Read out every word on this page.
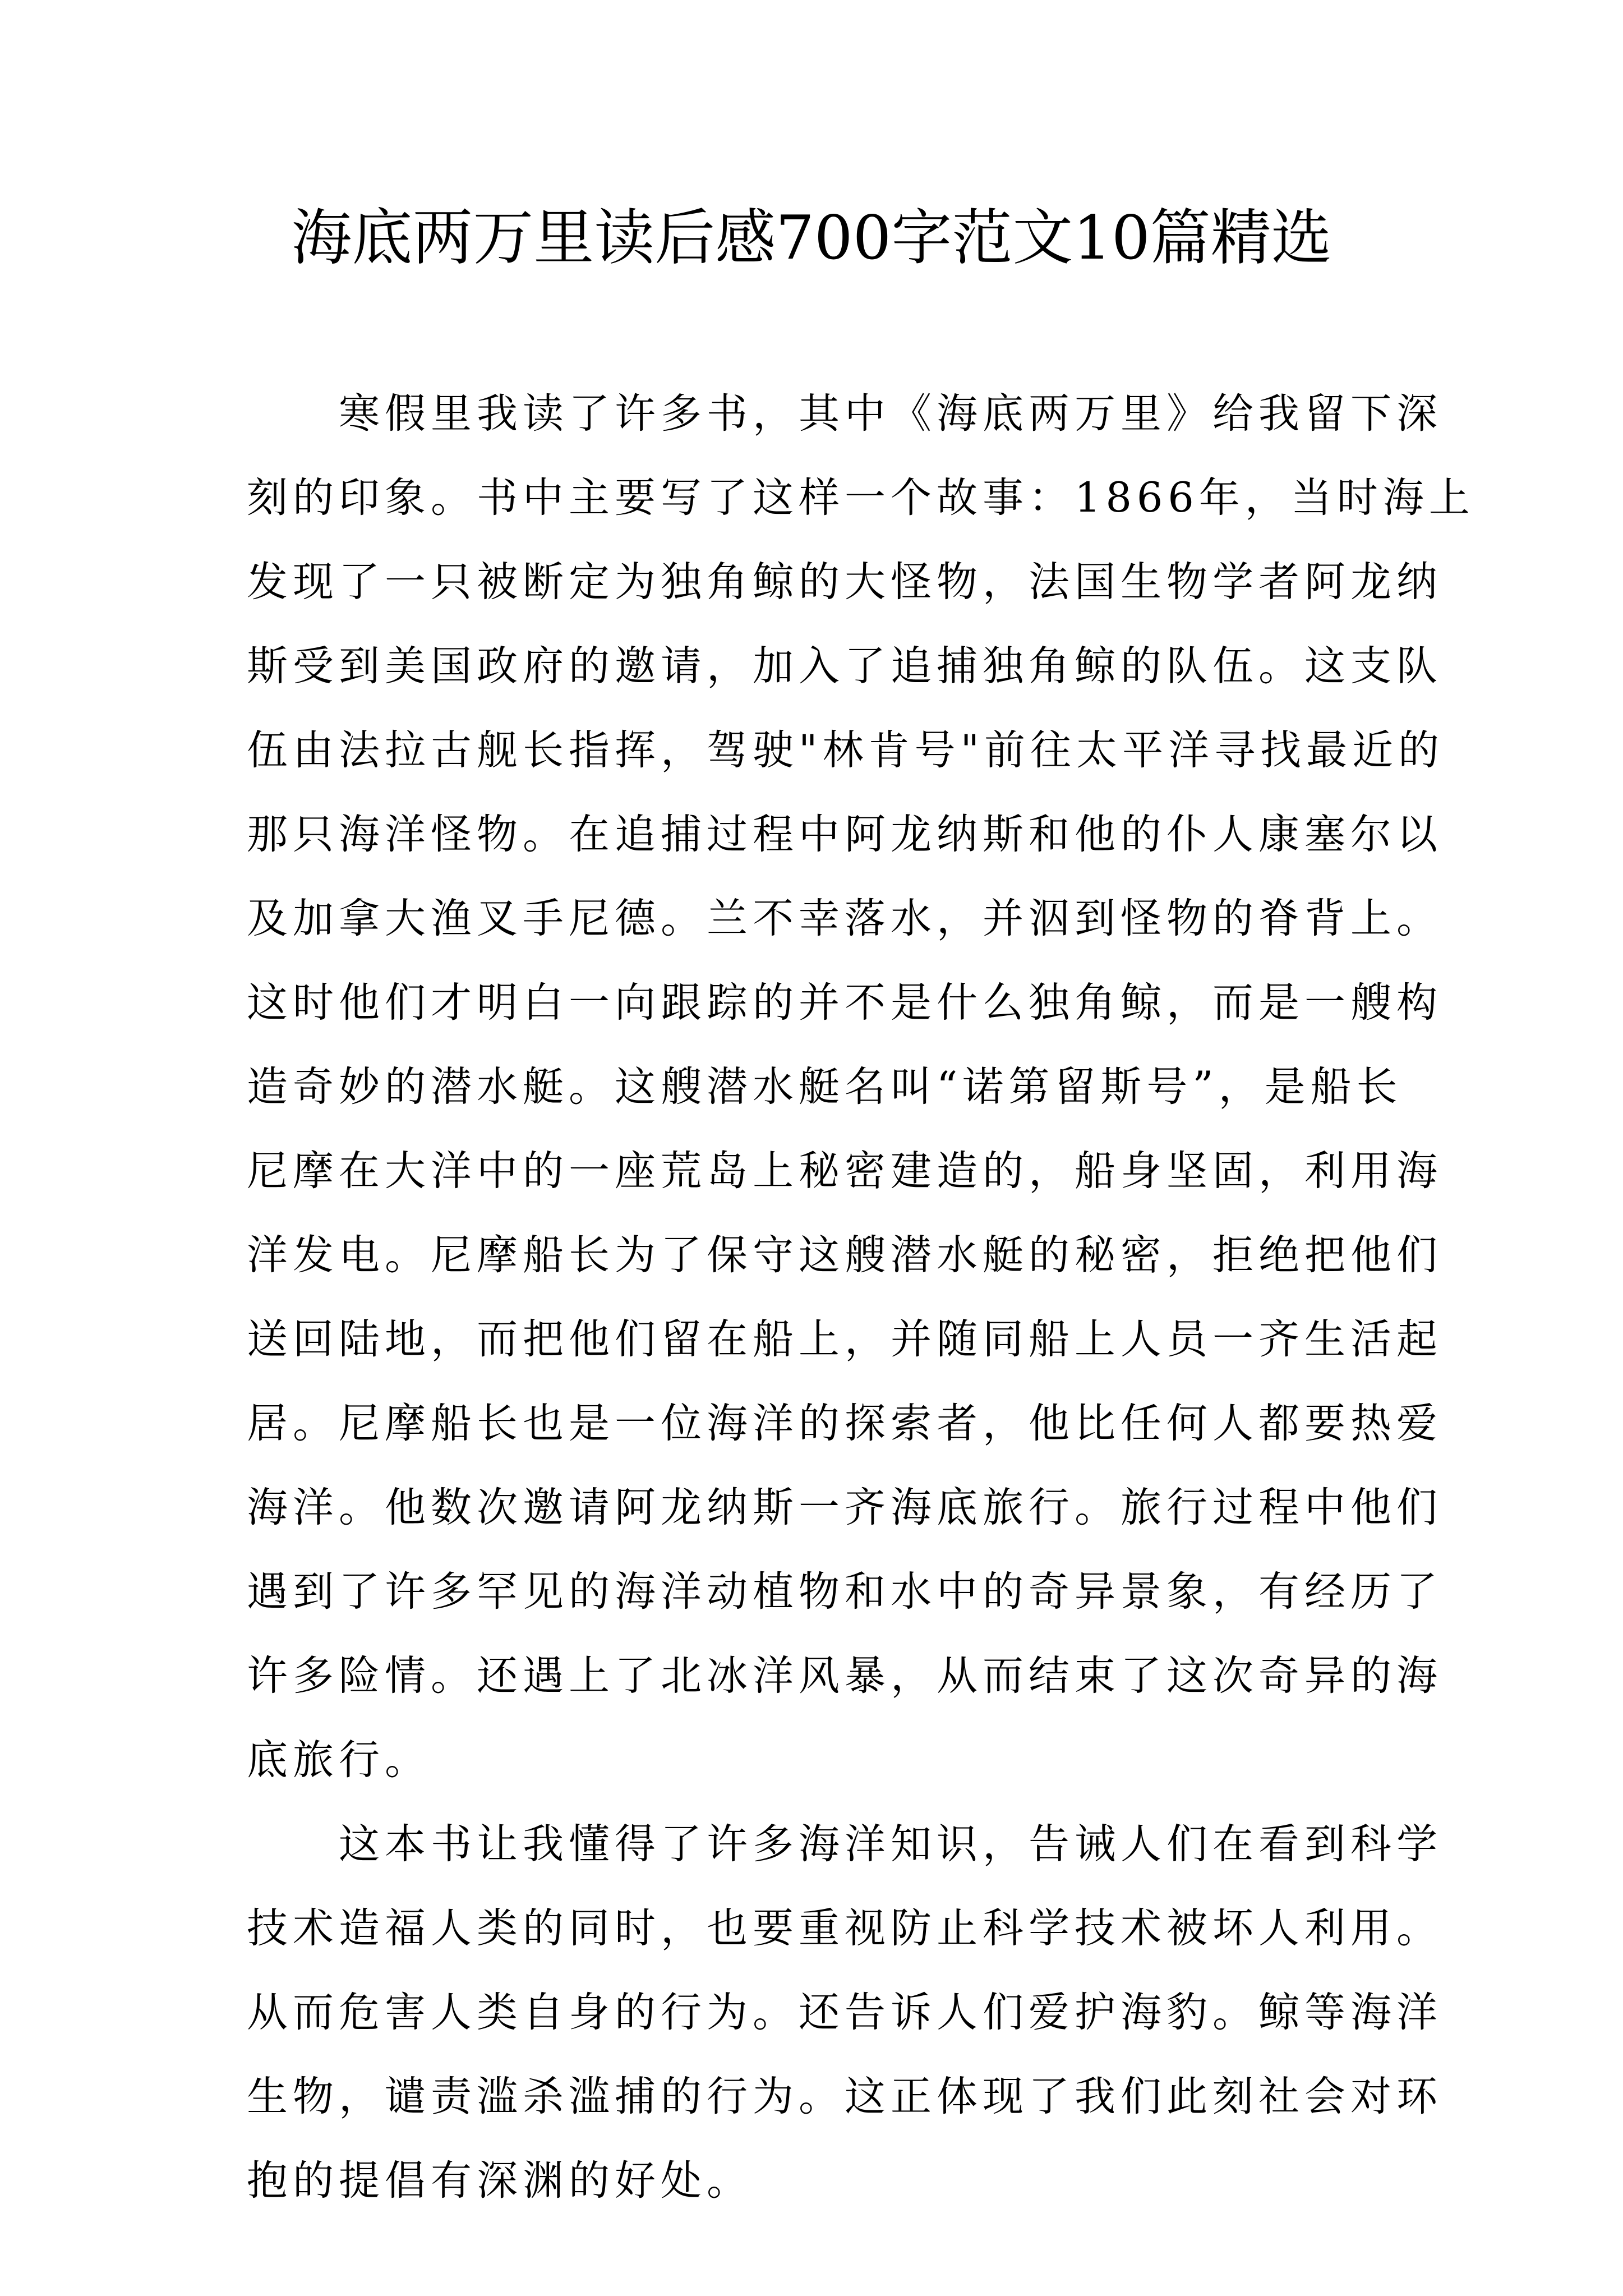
海底两万里读后感700字范文10篇精选

寒假里我读了许多书，其中《海底两万里》给我留下深
刻的印象。书中主要写了这样一个故事：1866年，当时海上
发现了一只被断定为独角鲸的大怪物，法国生物学者阿龙纳
斯受到美国政府的邀请，加入了追捕独角鲸的队伍。这支队
伍由法拉古舰长指挥，驾驶"林肯号"前往太平洋寻找最近的
那只海洋怪物。在追捕过程中阿龙纳斯和他的仆人康塞尔以
及加拿大渔叉手尼德。兰不幸落水，并泅到怪物的脊背上。
这时他们才明白一向跟踪的并不是什么独角鲸，而是一艘构
造奇妙的潜水艇。这艘潜水艇名叫“诺第留斯号”，是船长
尼摩在大洋中的一座荒岛上秘密建造的，船身坚固，利用海
洋发电。尼摩船长为了保守这艘潜水艇的秘密，拒绝把他们
送回陆地，而把他们留在船上，并随同船上人员一齐生活起
居。尼摩船长也是一位海洋的探索者，他比任何人都要热爱
海洋。他数次邀请阿龙纳斯一齐海底旅行。旅行过程中他们
遇到了许多罕见的海洋动植物和水中的奇异景象，有经历了
许多险情。还遇上了北冰洋风暴，从而结束了这次奇异的海
底旅行。

这本书让我懂得了许多海洋知识，告诫人们在看到科学
技术造福人类的同时，也要重视防止科学技术被坏人利用。
从而危害人类自身的行为。还告诉人们爱护海豹。鲸等海洋
生物，谴责滥杀滥捕的行为。这正体现了我们此刻社会对环
抱的提倡有深渊的好处。
